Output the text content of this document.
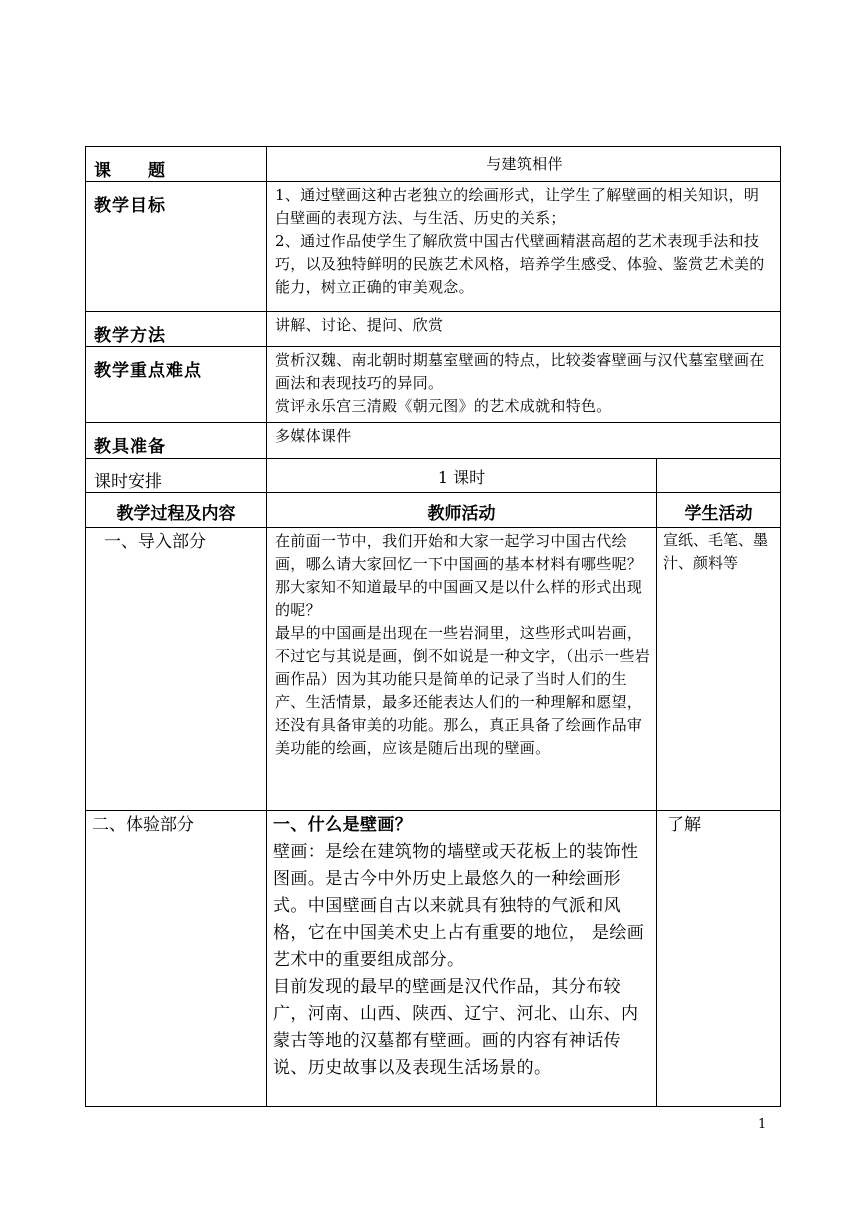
课　　题	与建筑相伴	
教学目标	1、通过壁画这种古老独立的绘画形式，让学生了解壁画的相关知识，明白壁画的表现方法、与生活、历史的关系；

2、通过作品使学生了解欣赏中国古代壁画精湛高超的艺术表现手法和技巧，以及独特鲜明的民族艺术风格，培养学生感受、体验、鉴赏艺术美的能力，树立正确的审美观念。	

教学方法	讲解、讨论、提问、欣赏	
教学重点难点	赏析汉魏、南北朝时期墓室壁画的特点，比较娄睿壁画与汉代墓室壁画在画法和表现技巧的异同。

赏评永乐宫三清殿《朝元图》的艺术成就和特色。	

教具准备	多媒体课件	
课时安排	1 课时	
教学过程及内容	教师活动	学生活动
一、导入部分	在前面一节中，我们开始和大家一起学习中国古代绘画，哪么请大家回忆一下中国画的基本材料有哪些呢？那大家知不知道最早的中国画又是以什么样的形式出现的呢？

最早的中国画是出现在一些岩洞里，这些形式叫岩画，不过它与其说是画，倒不如说是一种文字，（出示一些岩画作品）因为其功能只是简单的记录了当时人们的生产、生活情景，最多还能表达人们的一种理解和愿望，还没有具备审美的功能。那么，真正具备了绘画作品审美功能的绘画，应该是随后出现的壁画。	宣纸、毛笔、墨汁、颜料等
二、体验部分	一、什么是壁画？

壁画：是绘在建筑物的墙壁或天花板上的装饰性图画。是古今中外历史上最悠久的一种绘画形式。中国壁画自古以来就具有独特的气派和风格，它在中国美术史上占有重要的地位， 是绘画艺术中的重要组成部分。

目前发现的最早的壁画是汉代作品，其分布较广，河南、山西、陕西、辽宁、河北、山东、内蒙古等地的汉墓都有壁画。画的内容有神话传说、历史故事以及表现生活场景的。	了解
1
